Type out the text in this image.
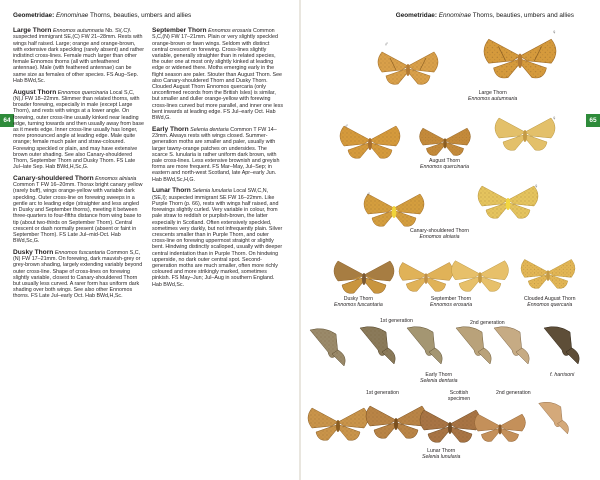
Geometridae: Ennominae Thorns, beauties, umbers and allies
64
Large Thorn Ennomos autumnaria Nb. S\(.C)\ suspected immigrant SE,(C) FW 21–28mm. Rests with wings half raised. Large; orange and orange-brown, with extensive dark speckling (rarely absent) and rather indistinct cross-lines. Female much larger than other female Ennomos thorns (all with unfeathered antennae). Male (with feathered antennae) can be same size as females of other species. FS Aug–Sep. Hab BWd,Sc.
August Thorn Ennomos quercinaria Local S,C,(N),I FW 18–22mm. Slimmer than related thorns, with broader forewing, especially in male (except Large Thorn), and rests with wings at a lower angle. On forewing, outer cross-line usually kinked near leading edge, turning towards and then usually away from base as it meets edge. Inner cross-line usually has longer, more pronounced angle at leading edge. Male quite orange; female much paler and straw-coloured. Forewing speckled or plain, and may have extensive brown outer shading. See also Canary-shouldered Thorn, September Thorn and Dusky Thorn. FS Late Jul–late Sep. Hab BWd,H,Sc,G.
Canary-shouldered Thorn Ennomos alniaria Common T FW 16–20mm. Thorax bright canary yellow (rarely buff), wings orange-yellow with variable dark speckling. Outer cross-line on forewing sweeps in a gentle arc to leading edge (straighter and less angled in Dusky and September thorns), meeting it between three-quarters to four-fifths distance from wing base to tip (about two-thirds on September Thorn). Central crescent or dash normally present (absent or faint in September Thorn). FS Late Jul–mid-Oct. Hab BWd,Sc,G.
Dusky Thorn Ennomos fuscantaria Common S,C,(N) FW 17–21mm. On forewing, dark mauvish-grey or grey-brown shading, largely extending variably beyond outer cross-line. Shape of cross-lines on forewing slightly variable, closest to Canary-shouldered Thorn but usually less curved. A rarer form has uniform dark shading over both wings. See also other Ennomos thorns. FS Late Jul–early Oct. Hab BWd,H,Sc.
September Thorn Ennomos erosaria Common S,C,(N) FW 17–21mm. Plain or very slightly speckled orange-brown or fawn wings. Seldom with distinct central crescent on forewing. Cross-lines slightly variable, generally straighter than in related species, the outer one at most only slightly kinked at leading edge or widened there. Moths emerging early in the flight season are paler. Stouter than August Thorn. See also Canary-shouldered Thorn and Dusky Thorn. Clouded August Thorn Ennomos quercaria (only unconfirmed records from the British Isles) is similar, but smaller and duller orange-yellow with forewing cross-lines curved but more parallel, and inner one less bent inwards at leading edge. FS Jul–early Oct. Hab BWd,G.
Early Thorn Selenia dentaria Common T FW 14–23mm. Always rests with wings closed. Summer-generation moths are smaller and paler, usually with larger tawny-orange patches on undersides. The scarce S. lunularia is rather uniform dark brown, with pale cross-lines. Less extensive brownish and greyish forms are more frequent. FS Mar–May, Jul–Sep; in eastern and north-west Scotland, late Apr–early Jun. Hab BWd,Sc,H,G.
Lunar Thorn Selenia lunularia Local SW,C,N,(SE,I); suspected immigrant SE FW 16–22mm. Like Purple Thorn (p. 66), rests with wings half raised, and forewings slightly curled. Very variable in colour, from pale straw to reddish or purplish-brown, the latter especially in Scotland. Often extensively speckled, sometimes very darkly, but not infrequently plain. Silver crescents smaller than in Purple Thorn, and outer cross-line on forewing uppermost straight or slightly bent. Hindwing distinctly scalloped, usually with deeper central indentation than in Purple Thorn. On hindwing upperside, no dark outer central spot. Second-generation moths are much smaller, often more richly coloured and more strikingly marked, sometimes pinkish. FS May–Jun; Jul–Aug in southern England. Hab BWd,Sc.
Geometridae: Ennominae Thorns, beauties, umbers and allies
65
♂
♀
♂
♀
♂
♀
Large Thorn
Ennomos autumnaria
August Thorn
Ennomos quercinaria
Canary-shouldered Thorn
Ennomos alniaria
Dusky Thorn
Ennomos fuscantaria
September Thorn
Ennomos erosaria
Clouded August Thorn
Ennomos quercaria
1st generation	2nd generation
f. harrisoni
Early Thorn
Selenia dentaria
1st generation	Scottish specimen
2nd generation
Lunar Thorn
Selenia lunularia
